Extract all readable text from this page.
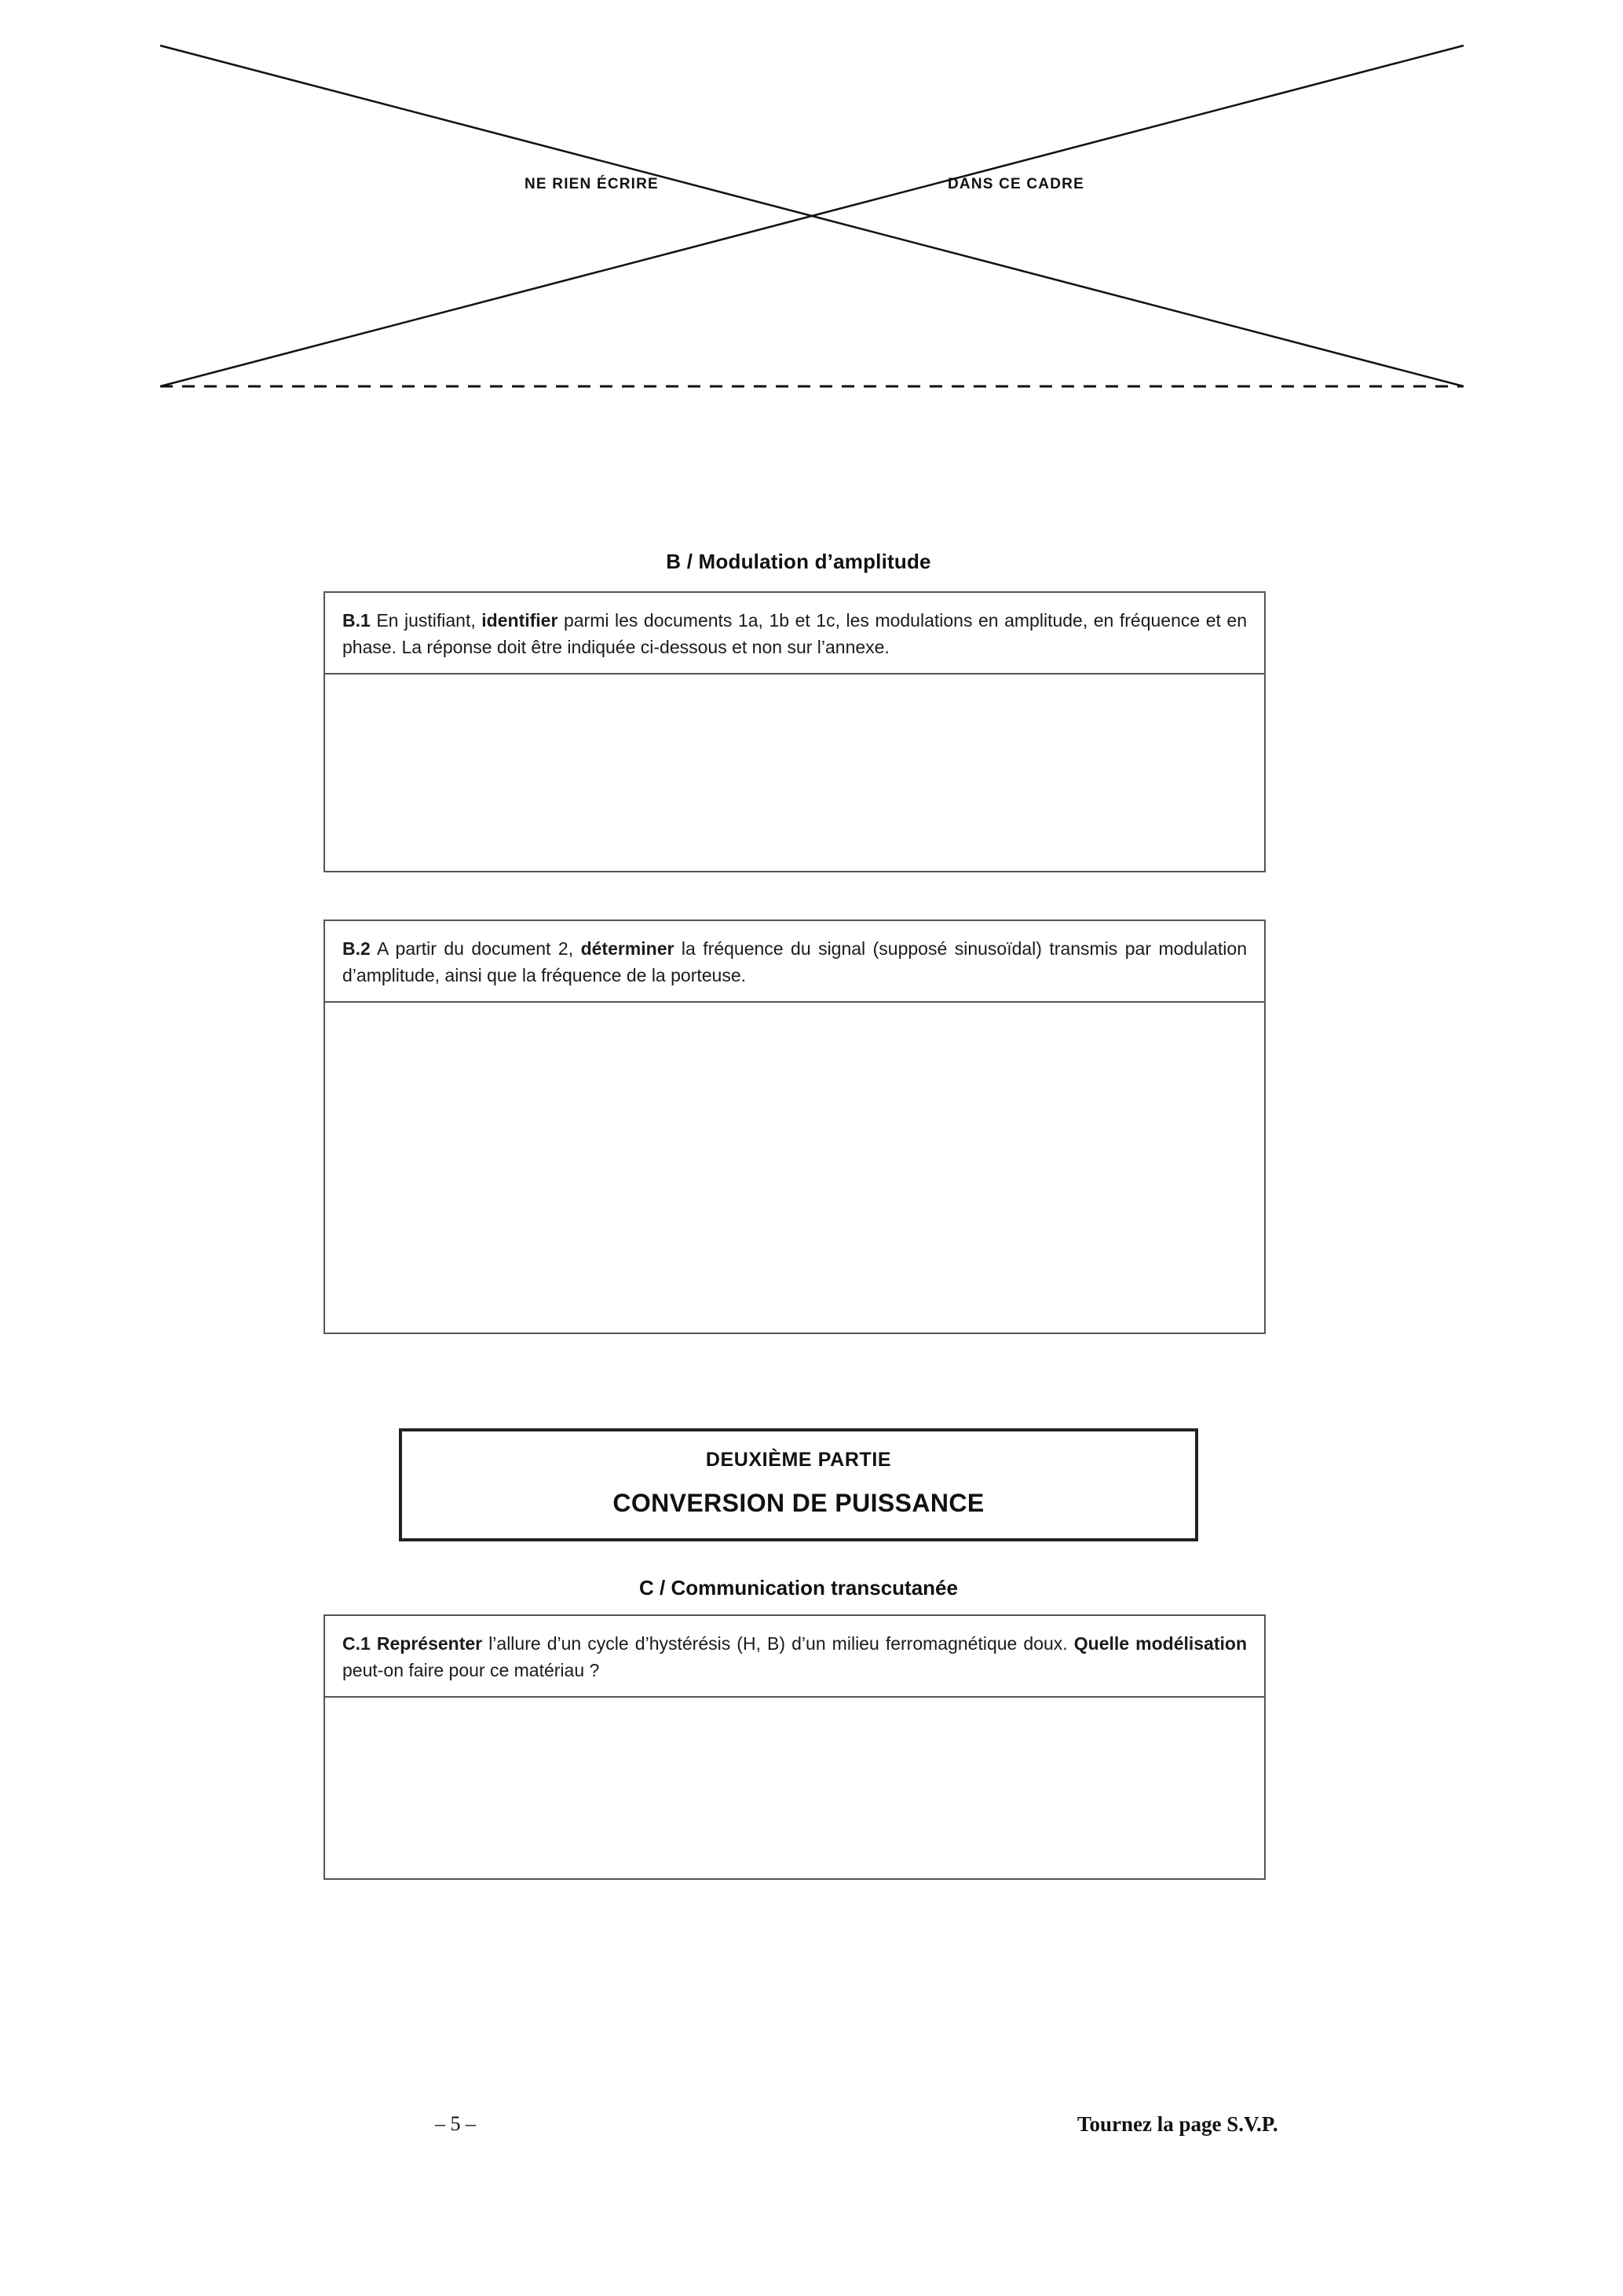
NE RIEN ÉCRIRE	DANS CE CADRE
B / Modulation d’amplitude
B.1 En justifiant, identifier parmi les documents 1a, 1b et 1c, les modulations en amplitude, en fréquence et en phase. La réponse doit être indiquée ci-dessous et non sur l’annexe.
B.2 A partir du document 2, déterminer la fréquence du signal (supposé sinusoïdal) transmis par modulation d’amplitude, ainsi que la fréquence de la porteuse.
DEUXIÈME PARTIE
CONVERSION DE PUISSANCE
C / Communication transcutanée
C.1 Représenter l’allure d’un cycle d’hystérésis (H, B) d’un milieu ferromagnétique doux. Quelle modélisation peut-on faire pour ce matériau ?
– 5 –	Tournez la page S.V.P.
